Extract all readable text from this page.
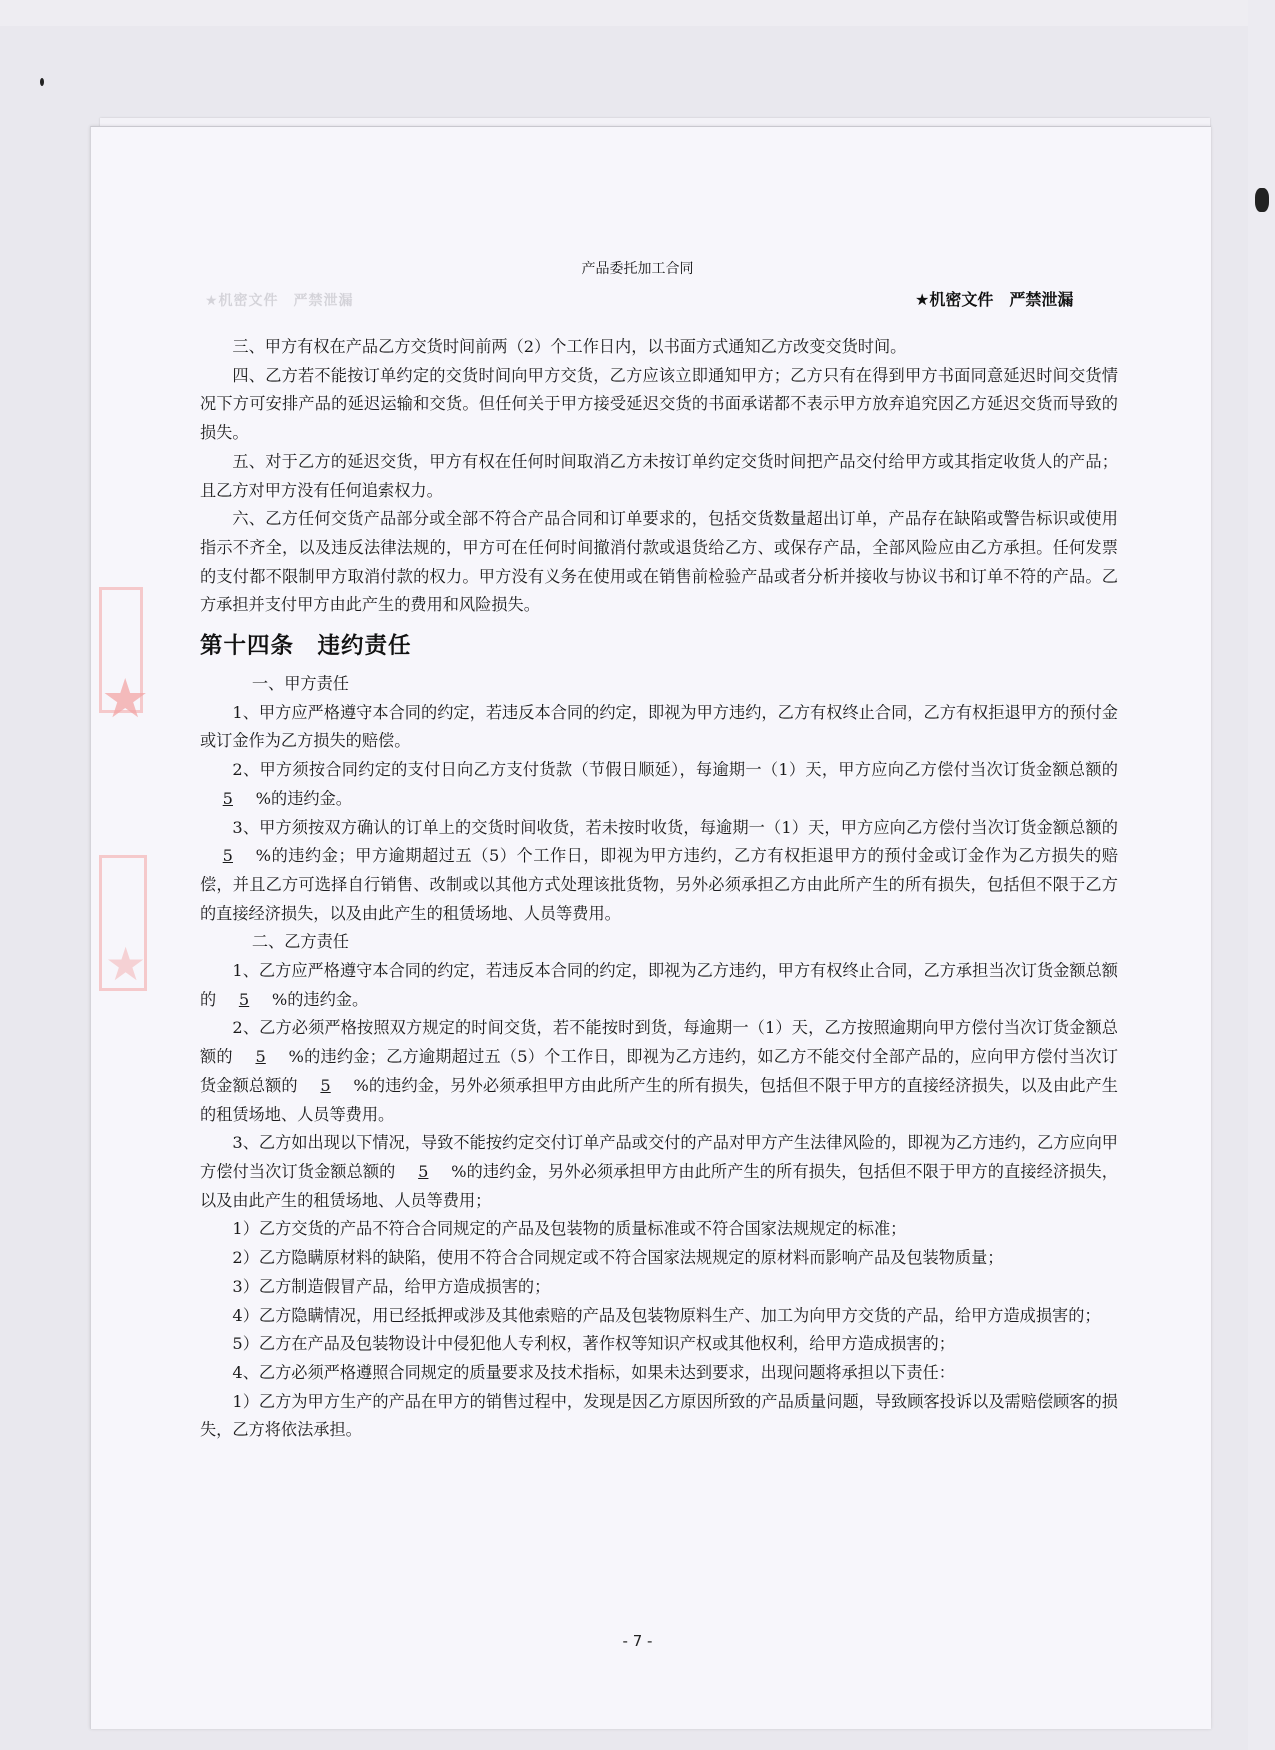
★
★
产品委托加工合同
★机密文件　严禁泄漏	★机密文件　严禁泄漏

三、甲方有权在产品乙方交货时间前两（2）个工作日内，以书面方式通知乙方改变交货时间。

四、乙方若不能按订单约定的交货时间向甲方交货，乙方应该立即通知甲方；乙方只有在得到甲方书面同意延迟时间交货情况下方可安排产品的延迟运输和交货。但任何关于甲方接受延迟交货的书面承诺都不表示甲方放弃追究因乙方延迟交货而导致的损失。

五、对于乙方的延迟交货，甲方有权在任何时间取消乙方未按订单约定交货时间把产品交付给甲方或其指定收货人的产品；且乙方对甲方没有任何追索权力。

六、乙方任何交货产品部分或全部不符合产品合同和订单要求的，包括交货数量超出订单，产品存在缺陷或警告标识或使用指示不齐全，以及违反法律法规的，甲方可在任何时间撤消付款或退货给乙方、或保存产品，全部风险应由乙方承担。任何发票的支付都不限制甲方取消付款的权力。甲方没有义务在使用或在销售前检验产品或者分析并接收与协议书和订单不符的产品。乙方承担并支付甲方由此产生的费用和风险损失。

第十四条　违约责任

一、甲方责任

1、甲方应严格遵守本合同的约定，若违反本合同的约定，即视为甲方违约，乙方有权终止合同，乙方有权拒退甲方的预付金或订金作为乙方损失的赔偿。

2、甲方须按合同约定的支付日向乙方支付货款（节假日顺延），每逾期一（1）天，甲方应向乙方偿付当次订货金额总额的5 %的违约金。

3、甲方须按双方确认的订单上的交货时间收货，若未按时收货，每逾期一（1）天，甲方应向乙方偿付当次订货金额总额的5 %的违约金；甲方逾期超过五（5）个工作日，即视为甲方违约，乙方有权拒退甲方的预付金或订金作为乙方损失的赔偿，并且乙方可选择自行销售、改制或以其他方式处理该批货物，另外必须承担乙方由此所产生的所有损失，包括但不限于乙方的直接经济损失，以及由此产生的租赁场地、人员等费用。

二、乙方责任

1、乙方应严格遵守本合同的约定，若违反本合同的约定，即视为乙方违约，甲方有权终止合同，乙方承担当次订货金额总额的 5 %的违约金。

2、乙方必须严格按照双方规定的时间交货，若不能按时到货，每逾期一（1）天，乙方按照逾期向甲方偿付当次订货金额总额的 5 %的违约金；乙方逾期超过五（5）个工作日，即视为乙方违约，如乙方不能交付全部产品的，应向甲方偿付当次订货金额总额的 5 %的违约金，另外必须承担甲方由此所产生的所有损失，包括但不限于甲方的直接经济损失，以及由此产生的租赁场地、人员等费用。

3、乙方如出现以下情况，导致不能按约定交付订单产品或交付的产品对甲方产生法律风险的，即视为乙方违约，乙方应向甲方偿付当次订货金额总额的 5 %的违约金，另外必须承担甲方由此所产生的所有损失，包括但不限于甲方的直接经济损失，以及由此产生的租赁场地、人员等费用；

1）乙方交货的产品不符合合同规定的产品及包装物的质量标准或不符合国家法规规定的标准；

2）乙方隐瞒原材料的缺陷，使用不符合合同规定或不符合国家法规规定的原材料而影响产品及包装物质量；

3）乙方制造假冒产品，给甲方造成损害的；

4）乙方隐瞒情况，用已经抵押或涉及其他索赔的产品及包装物原料生产、加工为向甲方交货的产品，给甲方造成损害的；

5）乙方在产品及包装物设计中侵犯他人专利权，著作权等知识产权或其他权利，给甲方造成损害的；

4、乙方必须严格遵照合同规定的质量要求及技术指标，如果未达到要求，出现问题将承担以下责任：

1）乙方为甲方生产的产品在甲方的销售过程中，发现是因乙方原因所致的产品质量问题，导致顾客投诉以及需赔偿顾客的损失，乙方将依法承担。

- 7 -
